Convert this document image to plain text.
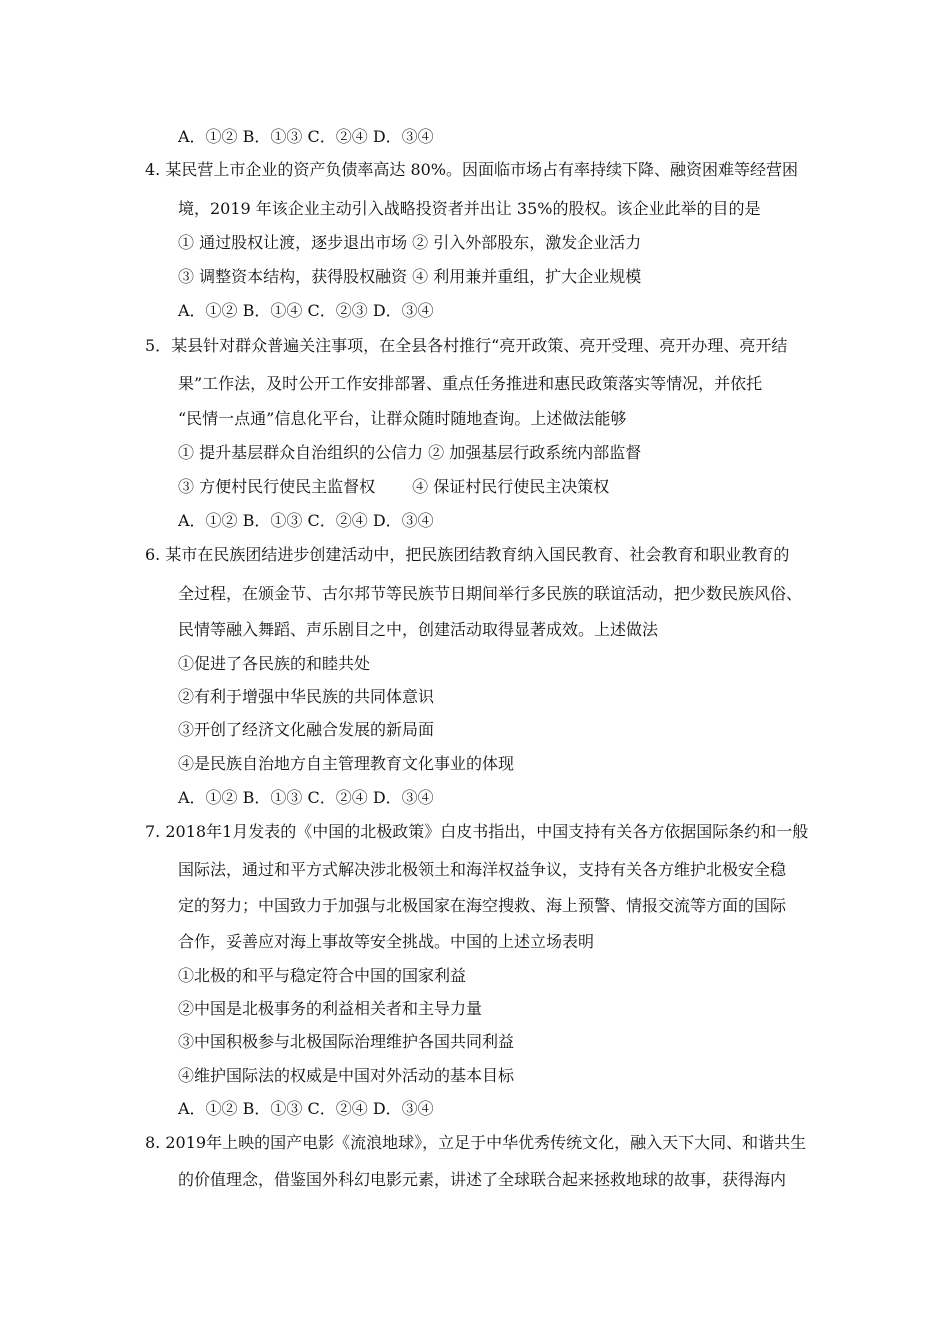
A．①② B．①③ C．②④ D．③④
4. 某民营上市企业的资产负债率高达 80%。因面临市场占有率持续下降、融资困难等经营困
境，2019 年该企业主动引入战略投资者并出让 35%的股权。该企业此举的目的是
① 通过股权让渡，逐步退出市场 ② 引入外部股东，激发企业活力
③ 调整资本结构，获得股权融资 ④ 利用兼并重组，扩大企业规模
A．①② B．①④ C．②③ D．③④
5．某县针对群众普遍关注事项，在全县各村推行“亮开政策、亮开受理、亮开办理、亮开结
果”工作法，及时公开工作安排部署、重点任务推进和惠民政策落实等情况，并依托
“民情一点通”信息化平台，让群众随时随地查询。上述做法能够
① 提升基层群众自治组织的公信力 ② 加强基层行政系统内部监督
③ 方便村民行使民主监督权 　　④ 保证村民行使民主决策权
A．①② B．①③ C．②④ D．③④
6. 某市在民族团结进步创建活动中，把民族团结教育纳入国民教育、社会教育和职业教育的
全过程，在颁金节、古尔邦节等民族节日期间举行多民族的联谊活动，把少数民族风俗、
民情等融入舞蹈、声乐剧目之中，创建活动取得显著成效。上述做法
①促进了各民族的和睦共处
②有利于增强中华民族的共同体意识
③开创了经济文化融合发展的新局面
④是民族自治地方自主管理教育文化事业的体现
A．①② B．①③ C．②④ D．③④
7. 2018年1月发表的《中国的北极政策》白皮书指出，中国支持有关各方依据国际条约和一般
国际法，通过和平方式解决涉北极领土和海洋权益争议，支持有关各方维护北极安全稳
定的努力；中国致力于加强与北极国家在海空搜救、海上预警、情报交流等方面的国际
合作，妥善应对海上事故等安全挑战。中国的上述立场表明
①北极的和平与稳定符合中国的国家利益
②中国是北极事务的利益相关者和主导力量
③中国积极参与北极国际治理维护各国共同利益
④维护国际法的权威是中国对外活动的基本目标
A．①② B．①③ C．②④ D．③④
8. 2019年上映的国产电影《流浪地球》，立足于中华优秀传统文化，融入天下大同、和谐共生
的价值理念，借鉴国外科幻电影元素，讲述了全球联合起来拯救地球的故事，获得海内
